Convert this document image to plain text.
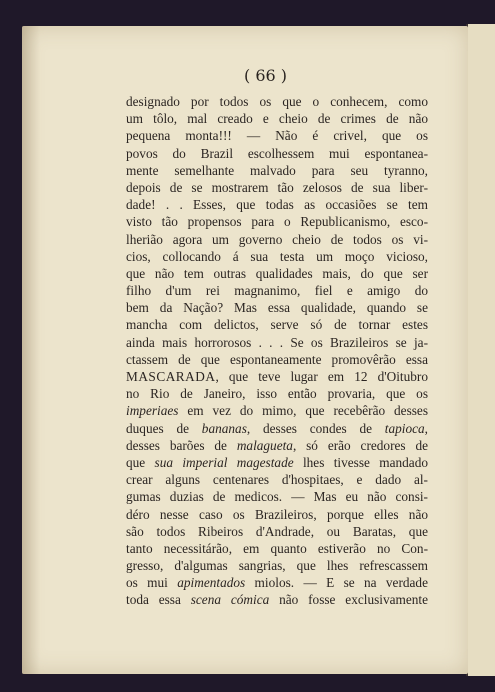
( 66 )
designado por todos os que o conhecem, como
um tôlo, mal creado e cheio de crimes de não
pequena monta!!! — Não é crivel, que os
povos do Brazil escolhessem mui espontanea-
mente semelhante malvado para seu tyranno,
depois de se mostrarem tão zelosos de sua liber-
dade! . . Esses, que todas as occasiões se tem
visto tão propensos para o Republicanismo, esco-
lherião agora um governo cheio de todos os vi-
cios, collocando á sua testa um moço vicioso,
que não tem outras qualidades mais, do que ser
filho d'um rei magnanimo, fiel e amigo do
bem da Nação? Mas essa qualidade, quando se
mancha com delictos, serve só de tornar estes
ainda mais horrorosos . . . Se os Brazileiros se ja-
ctassem de que espontaneamente promovêrão essa
MASCARADA, que teve lugar em 12 d'Oitubro
no Rio de Janeiro, isso então provaria, que os
imperiaes em vez do mimo, que recebêrão desses
duques de bananas, desses condes de tapioca,
desses barões de malagueta, só erão credores de
que sua imperial magestade lhes tivesse mandado
crear alguns centenares d'hospitaes, e dado al-
gumas duzias de medicos. — Mas eu não consi-
déro nesse caso os Brazileiros, porque elles não
são todos Ribeiros d'Andrade, ou Baratas, que
tanto necessitárão, em quanto estiverão no Con-
gresso, d'algumas sangrias, que lhes refrescassem
os mui apimentados miolos. — E se na verdade
toda essa scena cómica não fosse exclusivamente
